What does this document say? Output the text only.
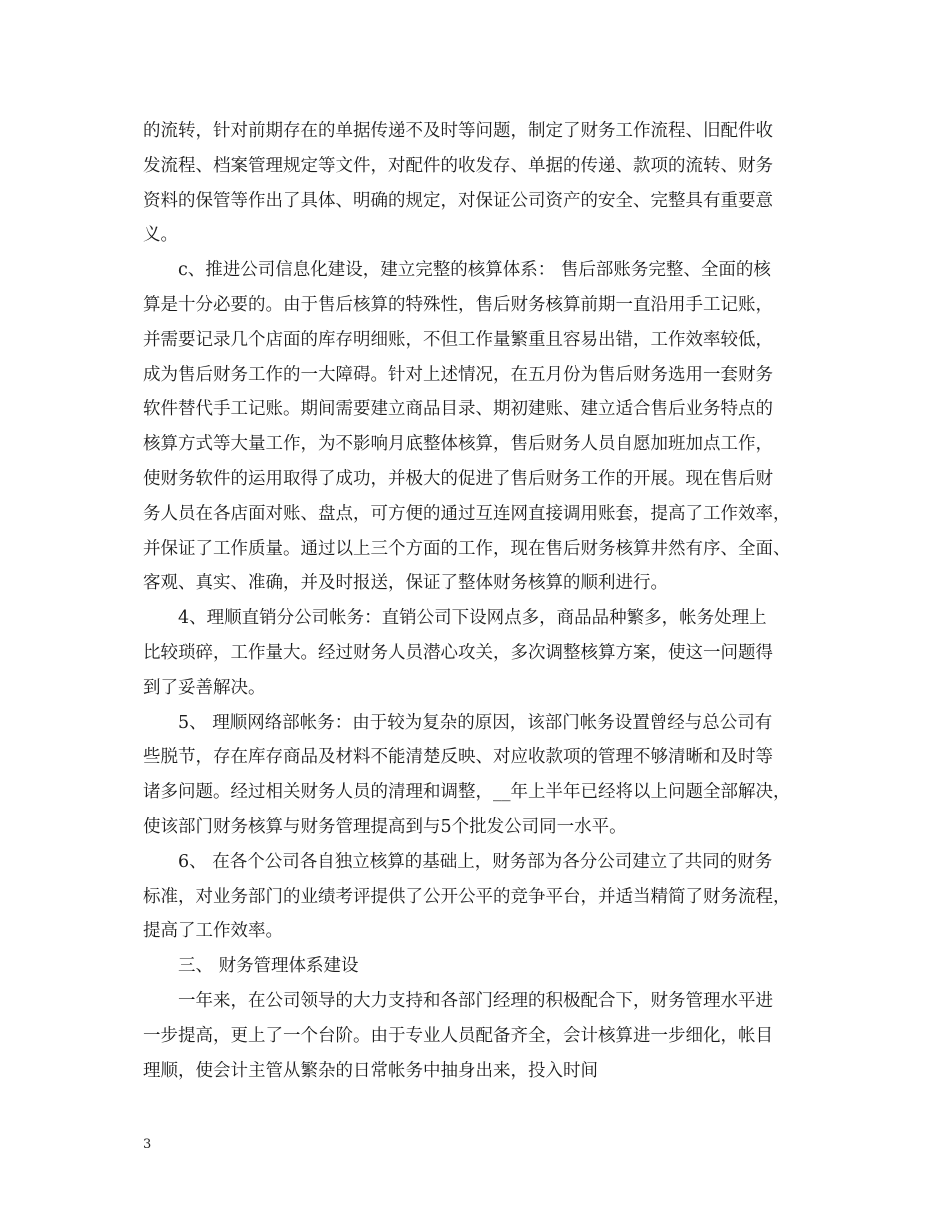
的流转，针对前期存在的单据传递不及时等问题，制定了财务工作流程、旧配件收
发流程、档案管理规定等文件，对配件的收发存、单据的传递、款项的流转、财务
资料的保管等作出了具体、明确的规定，对保证公司资产的安全、完整具有重要意
义。
c、推进公司信息化建设，建立完整的核算体系： 售后部账务完整、全面的核
算是十分必要的。由于售后核算的特殊性，售后财务核算前期一直沿用手工记账，
并需要记录几个店面的库存明细账，不但工作量繁重且容易出错，工作效率较低，
成为售后财务工作的一大障碍。针对上述情况，在五月份为售后财务选用一套财务
软件替代手工记账。期间需要建立商品目录、期初建账、建立适合售后业务特点的
核算方式等大量工作，为不影响月底整体核算，售后财务人员自愿加班加点工作，
使财务软件的运用取得了成功，并极大的促进了售后财务工作的开展。现在售后财
务人员在各店面对账、盘点，可方便的通过互连网直接调用账套，提高了工作效率，
并保证了工作质量。通过以上三个方面的工作，现在售后财务核算井然有序、全面、
客观、真实、准确，并及时报送，保证了整体财务核算的顺利进行。
4、理顺直销分公司帐务：直销公司下设网点多，商品品种繁多，帐务处理上
比较琐碎，工作量大。经过财务人员潜心攻关，多次调整核算方案，使这一问题得
到了妥善解决。
5、 理顺网络部帐务：由于较为复杂的原因，该部门帐务设置曾经与总公司有
些脱节，存在库存商品及材料不能清楚反映、对应收款项的管理不够清晰和及时等
诸多问题。经过相关财务人员的清理和调整，__年上半年已经将以上问题全部解决，
使该部门财务核算与财务管理提高到与5个批发公司同一水平。
6、 在各个公司各自独立核算的基础上，财务部为各分公司建立了共同的财务
标准，对业务部门的业绩考评提供了公开公平的竞争平台，并适当精简了财务流程，
提高了工作效率。
三、 财务管理体系建设
一年来，在公司领导的大力支持和各部门经理的积极配合下，财务管理水平进
一步提高，更上了一个台阶。由于专业人员配备齐全，会计核算进一步细化，帐目
理顺，使会计主管从繁杂的日常帐务中抽身出来，投入时间
3
